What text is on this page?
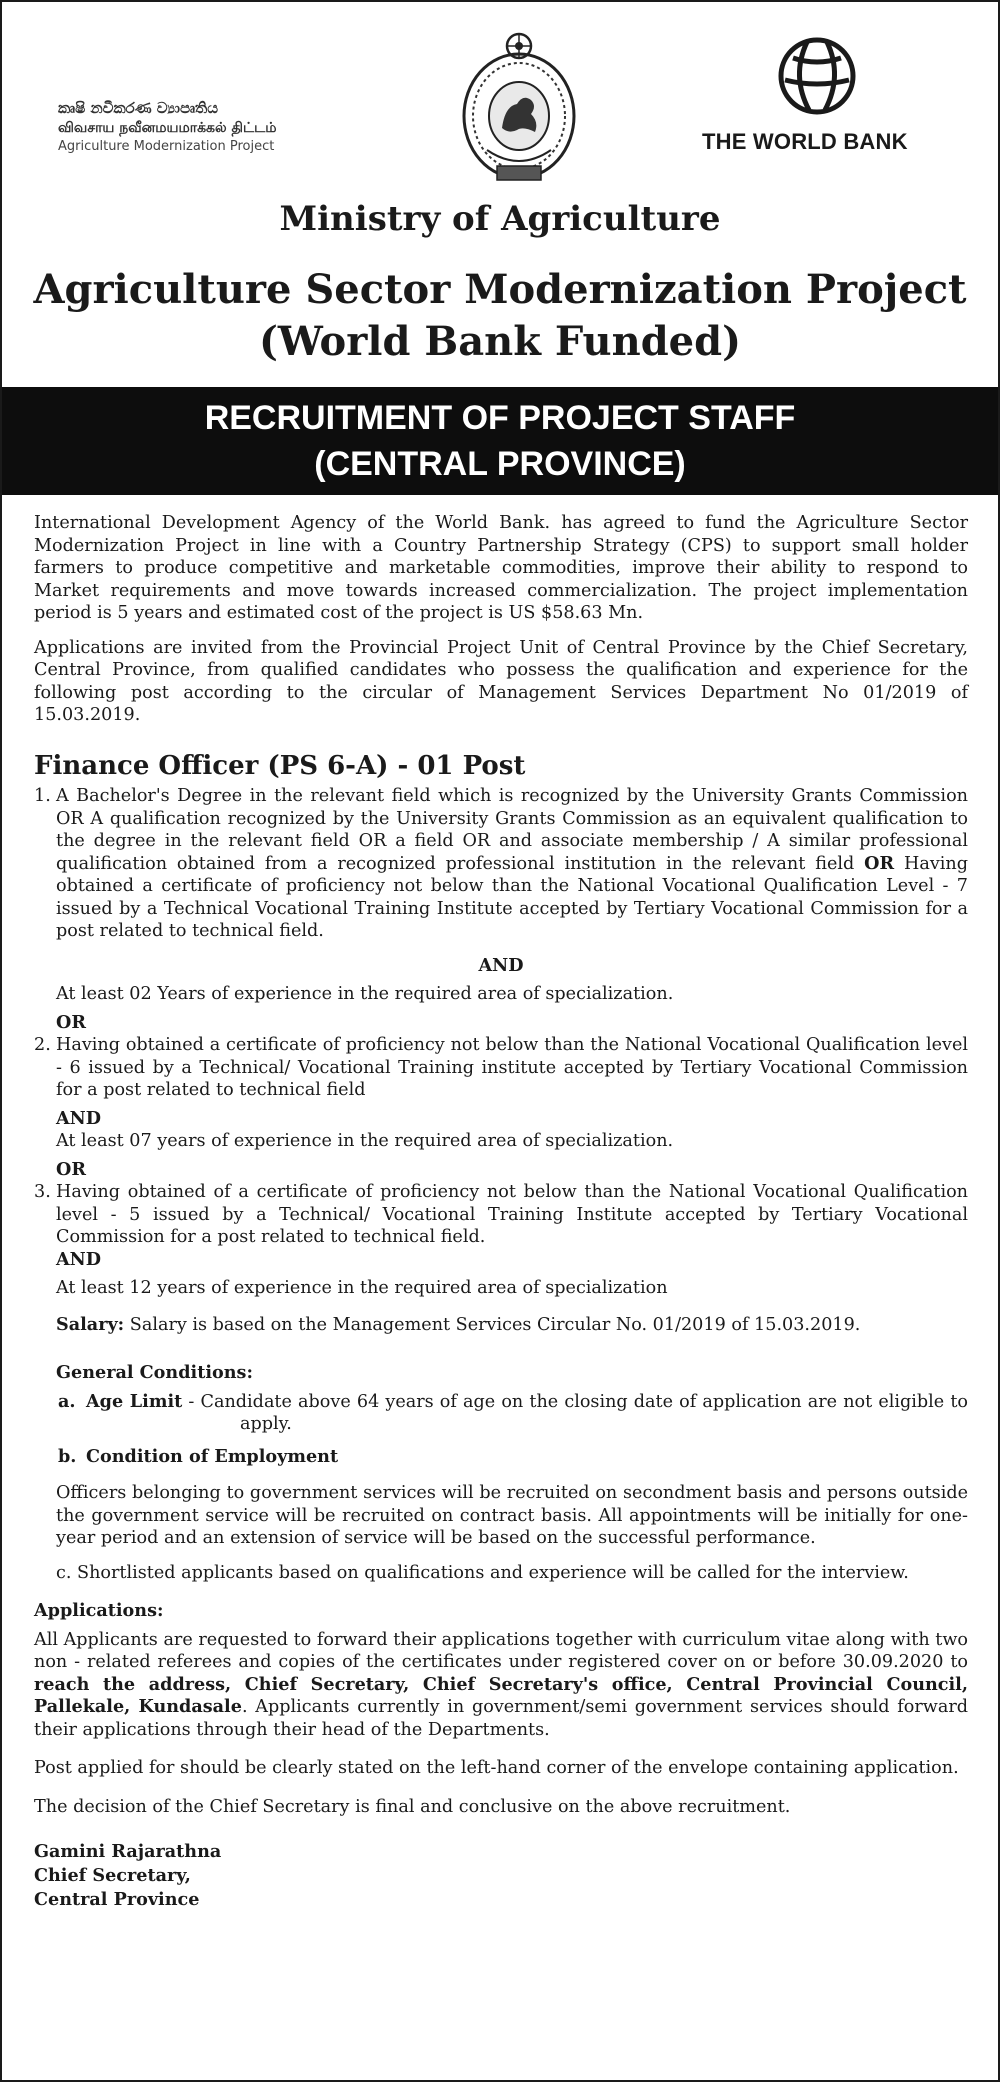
කෘෂි නවීකරණ ව්‍යාපෘතිය
விவசாய நவீனமயமாக்கல் திட்டம்
Agriculture Modernization Project	THE WORLD BANK
Ministry of Agriculture
Agriculture Sector Modernization Project
(World Bank Funded)
RECRUITMENT OF PROJECT STAFF
(CENTRAL PROVINCE)

International Development Agency of the World Bank. has agreed to fund the Agriculture Sector Modernization Project in line with a Country Partnership Strategy (CPS) to support small holder farmers to produce competitive and marketable commodities, improve their ability to respond to Market requirements and move towards increased commercialization. The project implementation period is 5 years and estimated cost of the project is US $58.63 Mn.

Applications are invited from the Provincial Project Unit of Central Province by the Chief Secretary, Central Province, from qualified candidates who possess the qualification and experience for the following post according to the circular of Management Services Department No 01/2019 of 15.03.2019.

Finance Officer (PS 6-A) - 01 Post
1. A Bachelor's Degree in the relevant field which is recognized by the University Grants Commission OR A qualification recognized by the University Grants Commission as an equivalent qualification to the degree in the relevant field OR a field OR and associate membership / A similar professional qualification obtained from a recognized professional institution in the relevant field OR Having obtained a certificate of proficiency not below than the National Vocational Qualification Level - 7 issued by a Technical Vocational Training Institute accepted by Tertiary Vocational Commission for a post related to technical field.
AND
At least 02 Years of experience in the required area of specialization.
OR
2. Having obtained a certificate of proficiency not below than the National Vocational Qualification level - 6 issued by a Technical/ Vocational Training institute accepted by Tertiary Vocational Commission for a post related to technical field
AND
At least 07 years of experience in the required area of specialization.
OR
3. Having obtained of a certificate of proficiency not below than the National Vocational Qualification level - 5 issued by a Technical/ Vocational Training Institute accepted by Tertiary Vocational Commission for a post related to technical field.
AND
At least 12 years of experience in the required area of specialization
Salary: Salary is based on the Management Services Circular No. 01/2019 of 15.03.2019.
General Conditions:
a. Age Limit - Candidate above 64 years of age on the closing date of application are not eligible to apply.
b. Condition of Employment

Officers belonging to government services will be recruited on secondment basis and persons outside the government service will be recruited on contract basis. All appointments will be initially for one-year period and an extension of service will be based on the successful performance.

c. Shortlisted applicants based on qualifications and experience will be called for the interview.
Applications:

All Applicants are requested to forward their applications together with curriculum vitae along with two non - related referees and copies of the certificates under registered cover on or before 30.09.2020 to reach the address, Chief Secretary, Chief Secretary's office, Central Provincial Council, Pallekale, Kundasale. Applicants currently in government/semi government services should forward their applications through their head of the Departments.

Post applied for should be clearly stated on the left-hand corner of the envelope containing application.

The decision of the Chief Secretary is final and conclusive on the above recruitment.

Gamini Rajarathna
Chief Secretary,
Central Province
